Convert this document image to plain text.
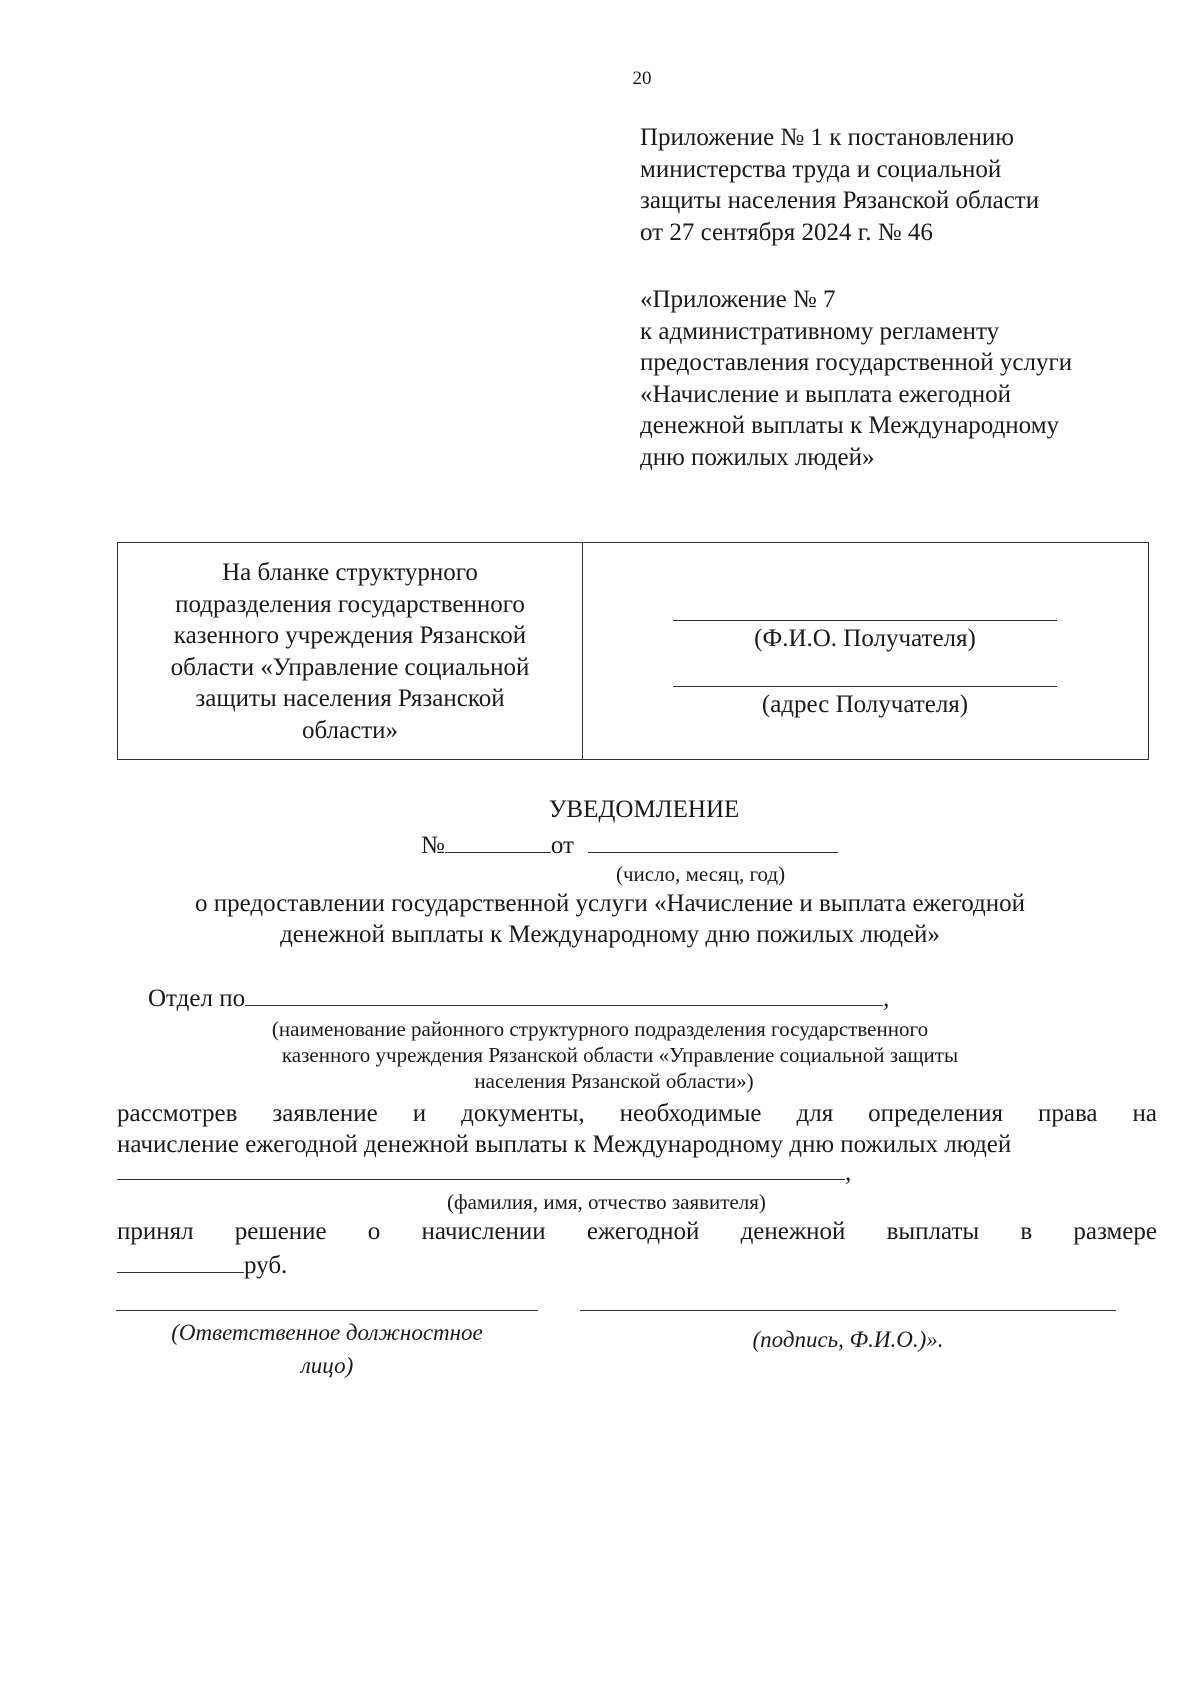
20
Приложение № 1 к постановлению
министерства труда и социальной
защиты населения Рязанской области
от 27 сентября 2024 г. № 46
«Приложение № 7
к административному регламенту
предоставления государственной услуги
«Начисление и выплата ежегодной
денежной выплаты к Международному
дню пожилых людей»
На бланке структурного
подразделения государственного
казенного учреждения Рязанской
области «Управление социальной
защиты населения Рязанской
области»
(Ф.И.О. Получателя)
(адрес Получателя)
УВЕДОМЛЕНИЕ
№	от
(число, месяц, год)
о предоставлении государственной услуги «Начисление и выплата ежегодной
денежной выплаты к Международному дню пожилых людей»
Отдел по	,
(наименование районного структурного подразделения государственного
казенного учреждения Рязанской области «Управление социальной защиты
населения Рязанской области»)
рассмотрев заявление и документы, необходимые для определения права на
начисление ежегодной денежной выплаты к Международному дню пожилых людей
,
(фамилия, имя, отчество заявителя)
принял решение о начислении ежегодной денежной выплаты в размере
руб.
(Ответственное должностное
лицо)
(подпись, Ф.И.О.)».
